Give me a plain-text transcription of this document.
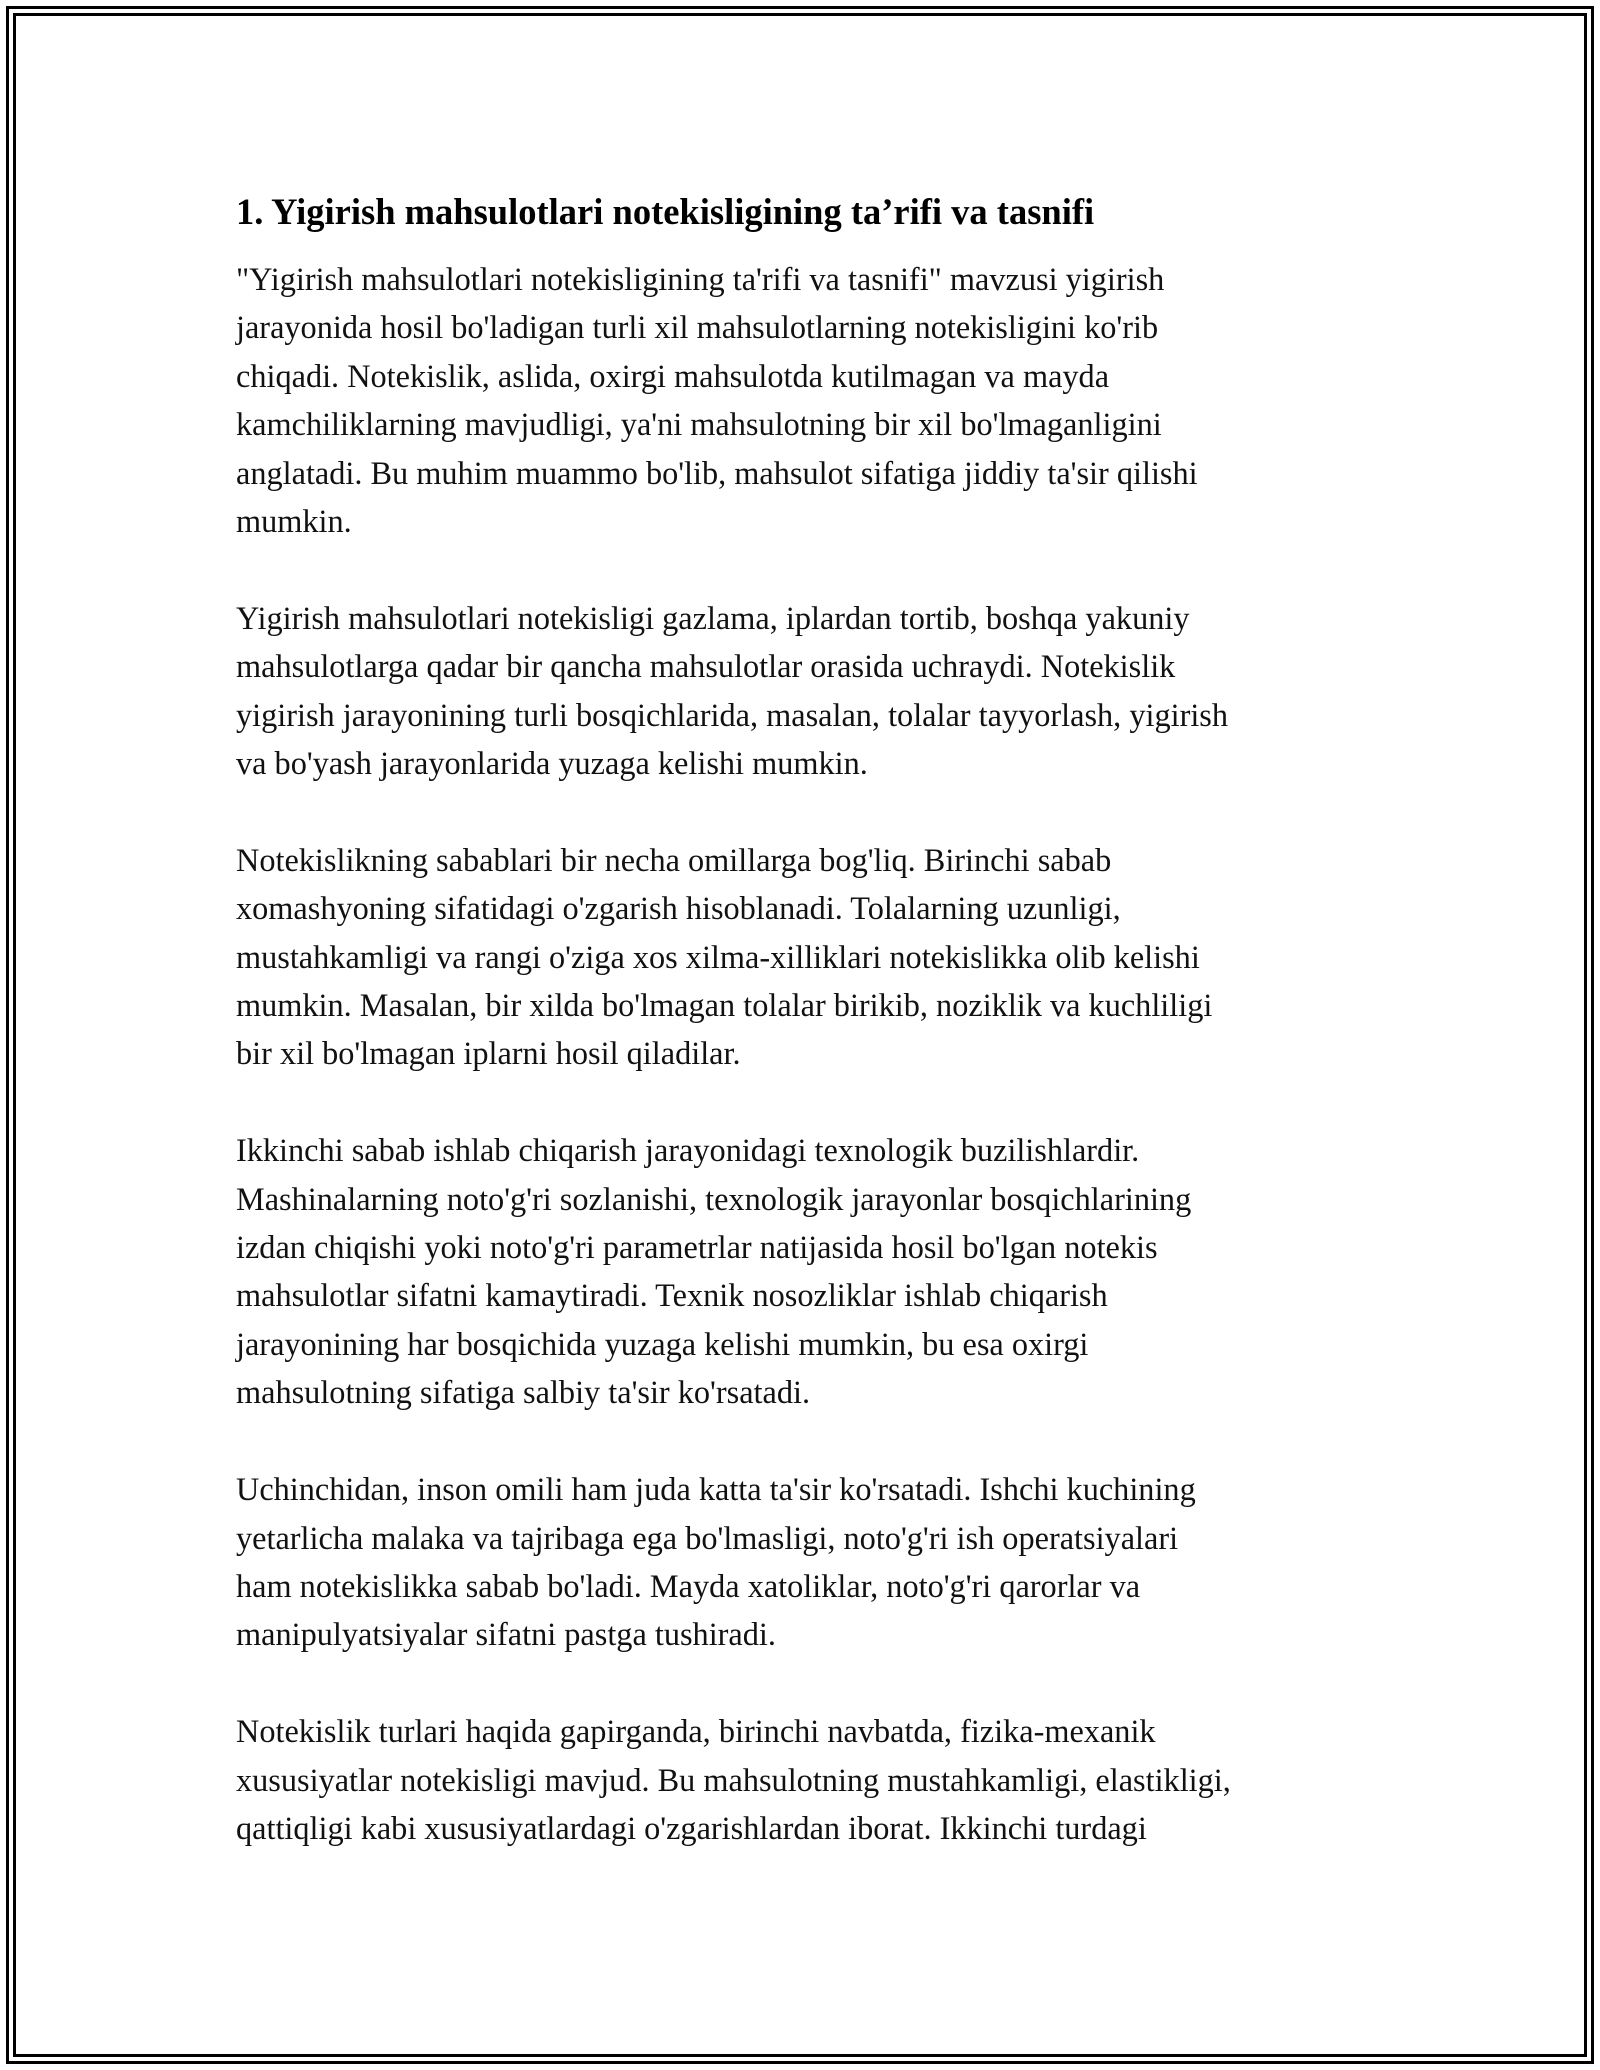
1. Yigirish mahsulotlari notekisligining ta’rifi va tasnifi

"Yigirish mahsulotlari notekisligining ta'rifi va tasnifi" mavzusi yigirish
jarayonida hosil bo'ladigan turli xil mahsulotlarning notekisligini ko'rib
chiqadi. Notekislik, aslida, oxirgi mahsulotda kutilmagan va mayda
kamchiliklarning mavjudligi, ya'ni mahsulotning bir xil bo'lmaganligini
anglatadi. Bu muhim muammo bo'lib, mahsulot sifatiga jiddiy ta'sir qilishi
mumkin.

Yigirish mahsulotlari notekisligi gazlama, iplardan tortib, boshqa yakuniy
mahsulotlarga qadar bir qancha mahsulotlar orasida uchraydi. Notekislik
yigirish jarayonining turli bosqichlarida, masalan, tolalar tayyorlash, yigirish
va bo'yash jarayonlarida yuzaga kelishi mumkin.

Notekislikning sabablari bir necha omillarga bog'liq. Birinchi sabab
xomashyoning sifatidagi o'zgarish hisoblanadi. Tolalarning uzunligi,
mustahkamligi va rangi o'ziga xos xilma-xilliklari notekislikka olib kelishi
mumkin. Masalan, bir xilda bo'lmagan tolalar birikib, noziklik va kuchliligi
bir xil bo'lmagan iplarni hosil qiladilar.

Ikkinchi sabab ishlab chiqarish jarayonidagi texnologik buzilishlardir.
Mashinalarning noto'g'ri sozlanishi, texnologik jarayonlar bosqichlarining
izdan chiqishi yoki noto'g'ri parametrlar natijasida hosil bo'lgan notekis
mahsulotlar sifatni kamaytiradi. Texnik nosozliklar ishlab chiqarish
jarayonining har bosqichida yuzaga kelishi mumkin, bu esa oxirgi
mahsulotning sifatiga salbiy ta'sir ko'rsatadi.

Uchinchidan, inson omili ham juda katta ta'sir ko'rsatadi. Ishchi kuchining
yetarlicha malaka va tajribaga ega bo'lmasligi, noto'g'ri ish operatsiyalari
ham notekislikka sabab bo'ladi. Mayda xatoliklar, noto'g'ri qarorlar va
manipulyatsiyalar sifatni pastga tushiradi.

Notekislik turlari haqida gapirganda, birinchi navbatda, fizika-mexanik
xususiyatlar notekisligi mavjud. Bu mahsulotning mustahkamligi, elastikligi,
qattiqligi kabi xususiyatlardagi o'zgarishlardan iborat. Ikkinchi turdagi
